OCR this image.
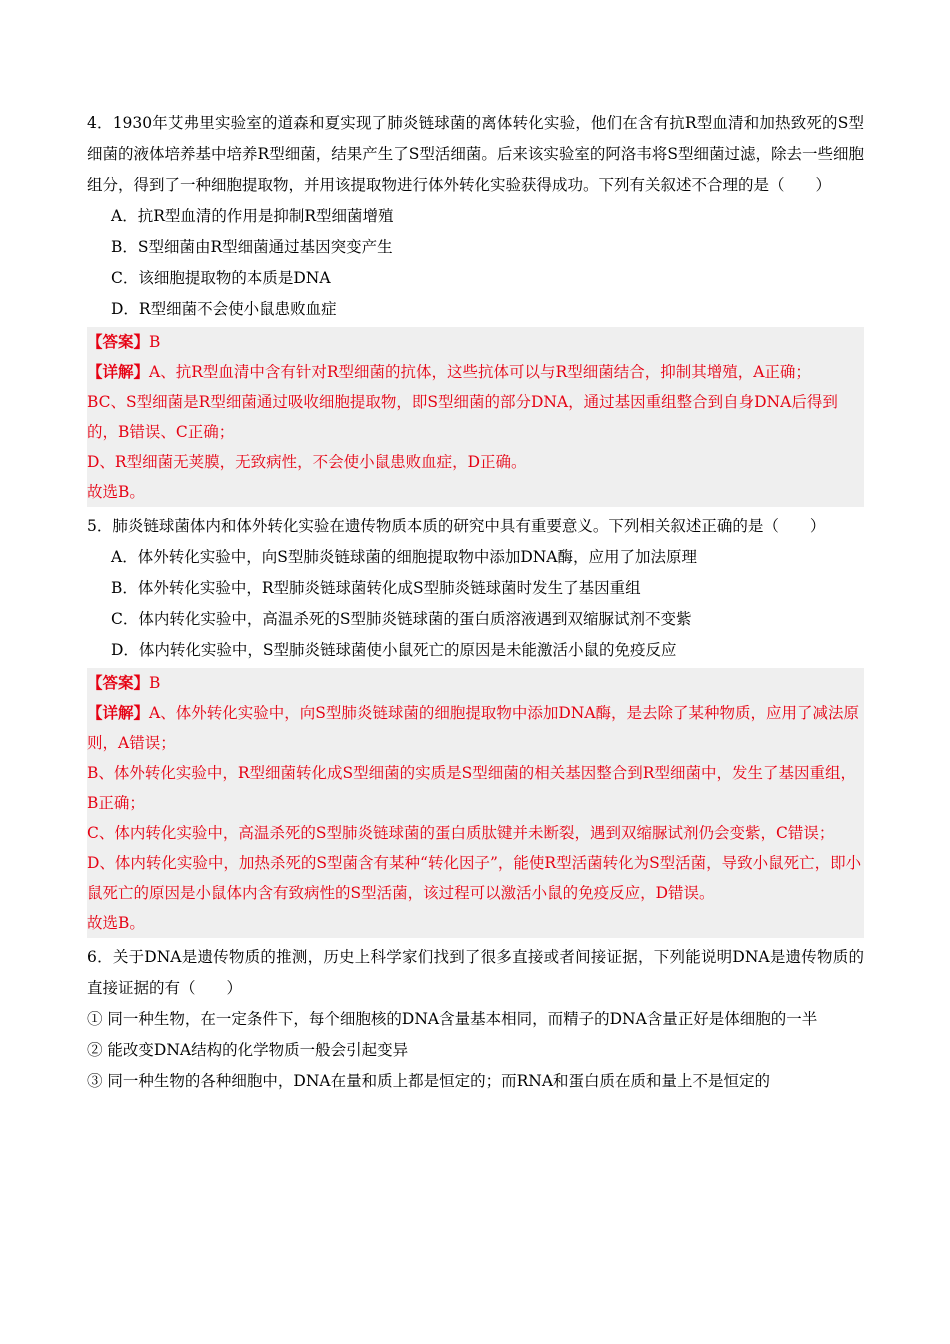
4．1930年艾弗里实验室的道森和夏实现了肺炎链球菌的离体转化实验，他们在含有抗R型血清和加热致死的S型细菌的液体培养基中培养R型细菌，结果产生了S型活细菌。后来该实验室的阿洛韦将S型细菌过滤，除去一些细胞组分，得到了一种细胞提取物，并用该提取物进行体外转化实验获得成功。下列有关叙述不合理的是（　　）
A．抗R型血清的作用是抑制R型细菌增殖
B．S型细菌由R型细菌通过基因突变产生
C．该细胞提取物的本质是DNA
D．R型细菌不会使小鼠患败血症

【答案】B

【详解】A、抗R型血清中含有针对R型细菌的抗体，这些抗体可以与R型细菌结合，抑制其增殖，A正确；

BC、S型细菌是R型细菌通过吸收细胞提取物，即S型细菌的部分DNA，通过基因重组整合到自身DNA后得到的，B错误、C正确；

D、R型细菌无荚膜，无致病性，不会使小鼠患败血症，D正确。

故选B。

5．肺炎链球菌体内和体外转化实验在遗传物质本质的研究中具有重要意义。下列相关叙述正确的是（　　）
A．体外转化实验中，向S型肺炎链球菌的细胞提取物中添加DNA酶，应用了加法原理
B．体外转化实验中，R型肺炎链球菌转化成S型肺炎链球菌时发生了基因重组
C．体内转化实验中，高温杀死的S型肺炎链球菌的蛋白质溶液遇到双缩脲试剂不变紫
D．体内转化实验中，S型肺炎链球菌使小鼠死亡的原因是未能激活小鼠的免疫反应

【答案】B

【详解】A、体外转化实验中，向S型肺炎链球菌的细胞提取物中添加DNA酶，是去除了某种物质，应用了减法原则，A错误；

B、体外转化实验中，R型细菌转化成S型细菌的实质是S型细菌的相关基因整合到R型细菌中，发生了基因重组，B正确；

C、体内转化实验中，高温杀死的S型肺炎链球菌的蛋白质肽键并未断裂，遇到双缩脲试剂仍会变紫，C错误；

D、体内转化实验中，加热杀死的S型菌含有某种“转化因子”，能使R型活菌转化为S型活菌，导致小鼠死亡，即小鼠死亡的原因是小鼠体内含有致病性的S型活菌，该过程可以激活小鼠的免疫反应，D错误。

故选B。

6．关于DNA是遗传物质的推测，历史上科学家们找到了很多直接或者间接证据，下列能说明DNA是遗传物质的直接证据的有（　　）
① 同一种生物，在一定条件下，每个细胞核的DNA含量基本相同，而精子的DNA含量正好是体细胞的一半
② 能改变DNA结构的化学物质一般会引起变异
③ 同一种生物的各种细胞中，DNA在量和质上都是恒定的；而RNA和蛋白质在质和量上不是恒定的
